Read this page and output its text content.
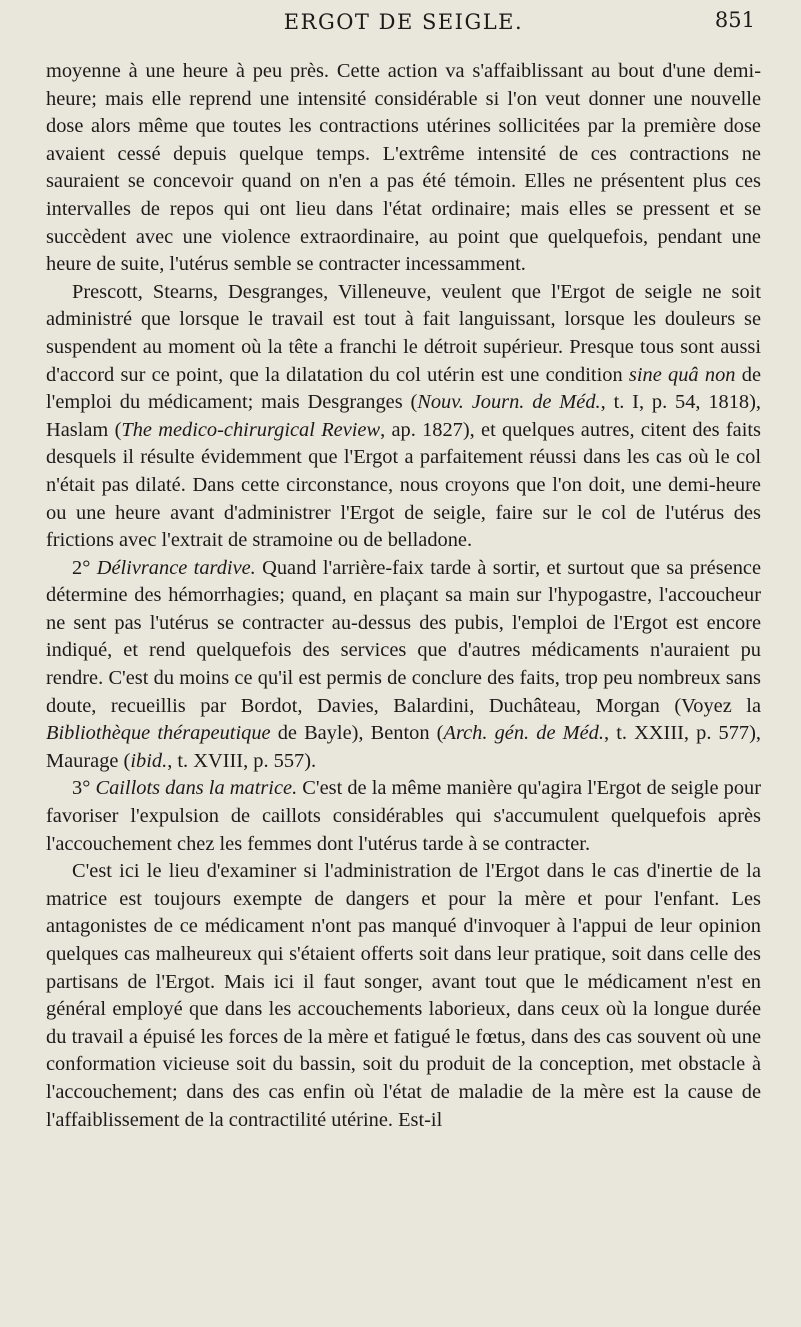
ERGOT DE SEIGLE.	851

moyenne à une heure à peu près. Cette action va s'affaiblissant au bout d'une demi-heure; mais elle reprend une intensité considérable si l'on veut donner une nouvelle dose alors même que toutes les contractions utérines sollicitées par la première dose avaient cessé depuis quelque temps. L'extrême intensité de ces contractions ne sauraient se concevoir quand on n'en a pas été témoin. Elles ne présentent plus ces intervalles de repos qui ont lieu dans l'état ordinaire; mais elles se pressent et se succèdent avec une violence extraordinaire, au point que quelquefois, pendant une heure de suite, l'utérus semble se contracter incessamment.

Prescott, Stearns, Desgranges, Villeneuve, veulent que l'Ergot de seigle ne soit administré que lorsque le travail est tout à fait languissant, lorsque les douleurs se suspendent au moment où la tête a franchi le détroit supérieur. Presque tous sont aussi d'accord sur ce point, que la dilatation du col utérin est une condition sine quâ non de l'emploi du médicament; mais Desgranges (Nouv. Journ. de Méd., t. I, p. 54, 1818), Haslam (The medico-chirurgical Review, ap. 1827), et quelques autres, citent des faits desquels il résulte évidemment que l'Ergot a parfaitement réussi dans les cas où le col n'était pas dilaté. Dans cette circonstance, nous croyons que l'on doit, une demi-heure ou une heure avant d'administrer l'Ergot de seigle, faire sur le col de l'utérus des frictions avec l'extrait de stramoine ou de belladone.

2° Délivrance tardive. Quand l'arrière-faix tarde à sortir, et surtout que sa présence détermine des hémorrhagies; quand, en plaçant sa main sur l'hypogastre, l'accoucheur ne sent pas l'utérus se contracter au-dessus des pubis, l'emploi de l'Ergot est encore indiqué, et rend quelquefois des services que d'autres médicaments n'auraient pu rendre. C'est du moins ce qu'il est permis de conclure des faits, trop peu nombreux sans doute, recueillis par Bordot, Davies, Balardini, Duchâteau, Morgan (Voyez la Bibliothèque thérapeutique de Bayle), Benton (Arch. gén. de Méd., t. XXIII, p. 577), Maurage (ibid., t. XVIII, p. 557).

3° Caillots dans la matrice. C'est de la même manière qu'agira l'Ergot de seigle pour favoriser l'expulsion de caillots considérables qui s'accumulent quelquefois après l'accouchement chez les femmes dont l'utérus tarde à se contracter.

C'est ici le lieu d'examiner si l'administration de l'Ergot dans le cas d'inertie de la matrice est toujours exempte de dangers et pour la mère et pour l'enfant. Les antagonistes de ce médicament n'ont pas manqué d'invoquer à l'appui de leur opinion quelques cas malheureux qui s'étaient offerts soit dans leur pratique, soit dans celle des partisans de l'Ergot. Mais ici il faut songer, avant tout que le médicament n'est en général employé que dans les accouchements laborieux, dans ceux où la longue durée du travail a épuisé les forces de la mère et fatigué le fœtus, dans des cas souvent où une conformation vicieuse soit du bassin, soit du produit de la conception, met obstacle à l'accouchement; dans des cas enfin où l'état de maladie de la mère est la cause de l'affaiblissement de la contractilité utérine. Est-il
